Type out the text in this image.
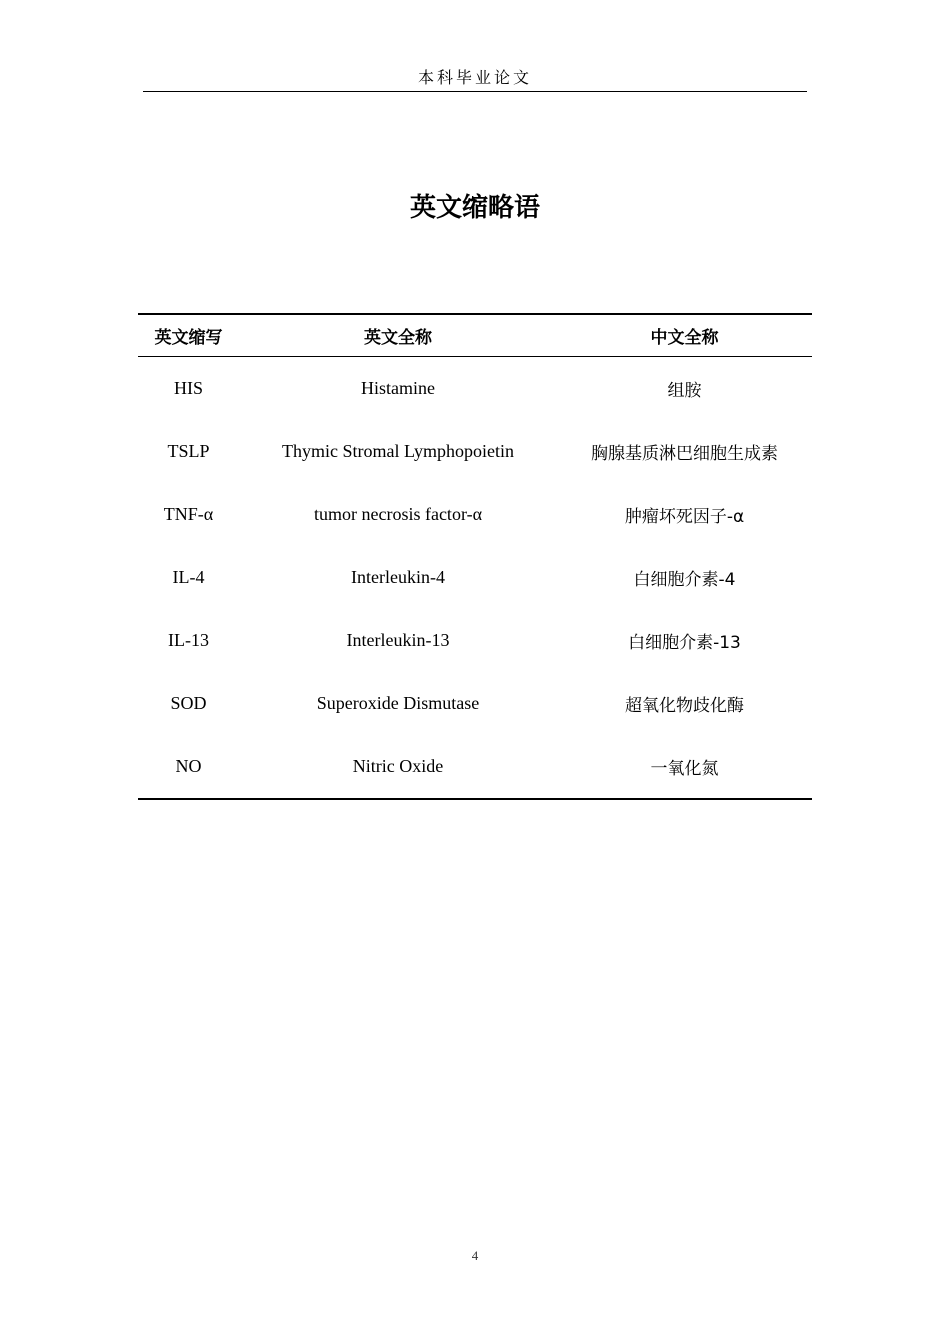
本科毕业论文
英文缩略语
英文缩写	英文全称	中文全称
HIS	Histamine	组胺
TSLP	Thymic Stromal Lymphopoietin	胸腺基质淋巴细胞生成素
TNF-α	tumor necrosis factor-α	肿瘤坏死因子-α
IL-4	Interleukin-4	白细胞介素-4
IL-13	Interleukin-13	白细胞介素-13
SOD	Superoxide Dismutase	超氧化物歧化酶
NO	Nitric Oxide	一氧化氮
4
